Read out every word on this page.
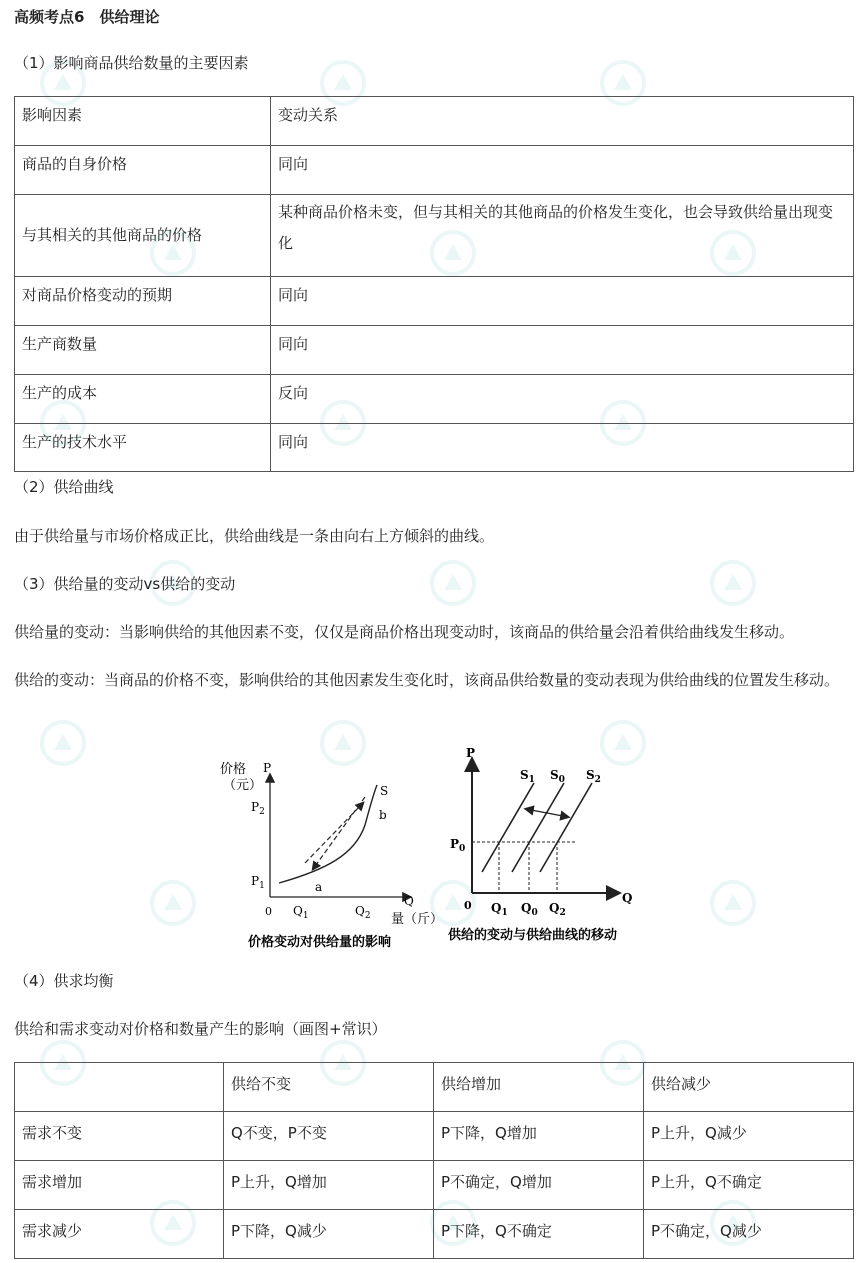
高频考点6　供给理论
（1）影响商品供给数量的主要因素
影响因素	变动关系
商品的自身价格	同向
与其相关的其他商品的价格	某种商品价格未变，但与其相关的其他商品的价格发生变化，也会导致供给量出现变化
对商品价格变动的预期	同向
生产商数量	同向
生产的成本	反向
生产的技术水平	同向
（2）供给曲线
由于供给量与市场价格成正比，供给曲线是一条由向右上方倾斜的曲线。
（3）供给量的变动vs供给的变动
供给量的变动：当影响供给的其他因素不变，仅仅是商品价格出现变动时，该商品的供给量会沿着供给曲线发生移动。
供给的变动：当商品的价格不变，影响供给的其他因素发生变化时，该商品供给数量的变动表现为供给曲线的位置发生移动。
价格
（元）
P
$P_2$
$P_1$
0 $Q_1$	$Q_2$
Q
量（斤）
S
a
b
价格变动对供给量的影响
P
0
Q
$P_0$
$S_1$ $S_0$ $S_2$
$Q_1$ $Q_0$ $Q_2$
供给的变动与供给曲线的移动
（4）供求均衡
供给和需求变动对价格和数量产生的影响（画图+常识）
	供给不变	供给增加	供给减少
需求不变	Q不变，P不变	P下降，Q增加	P上升，Q减少
需求增加	P上升，Q增加	P不确定，Q增加	P上升，Q不确定
需求减少	P下降，Q减少	P下降，Q不确定	P不确定，Q减少
